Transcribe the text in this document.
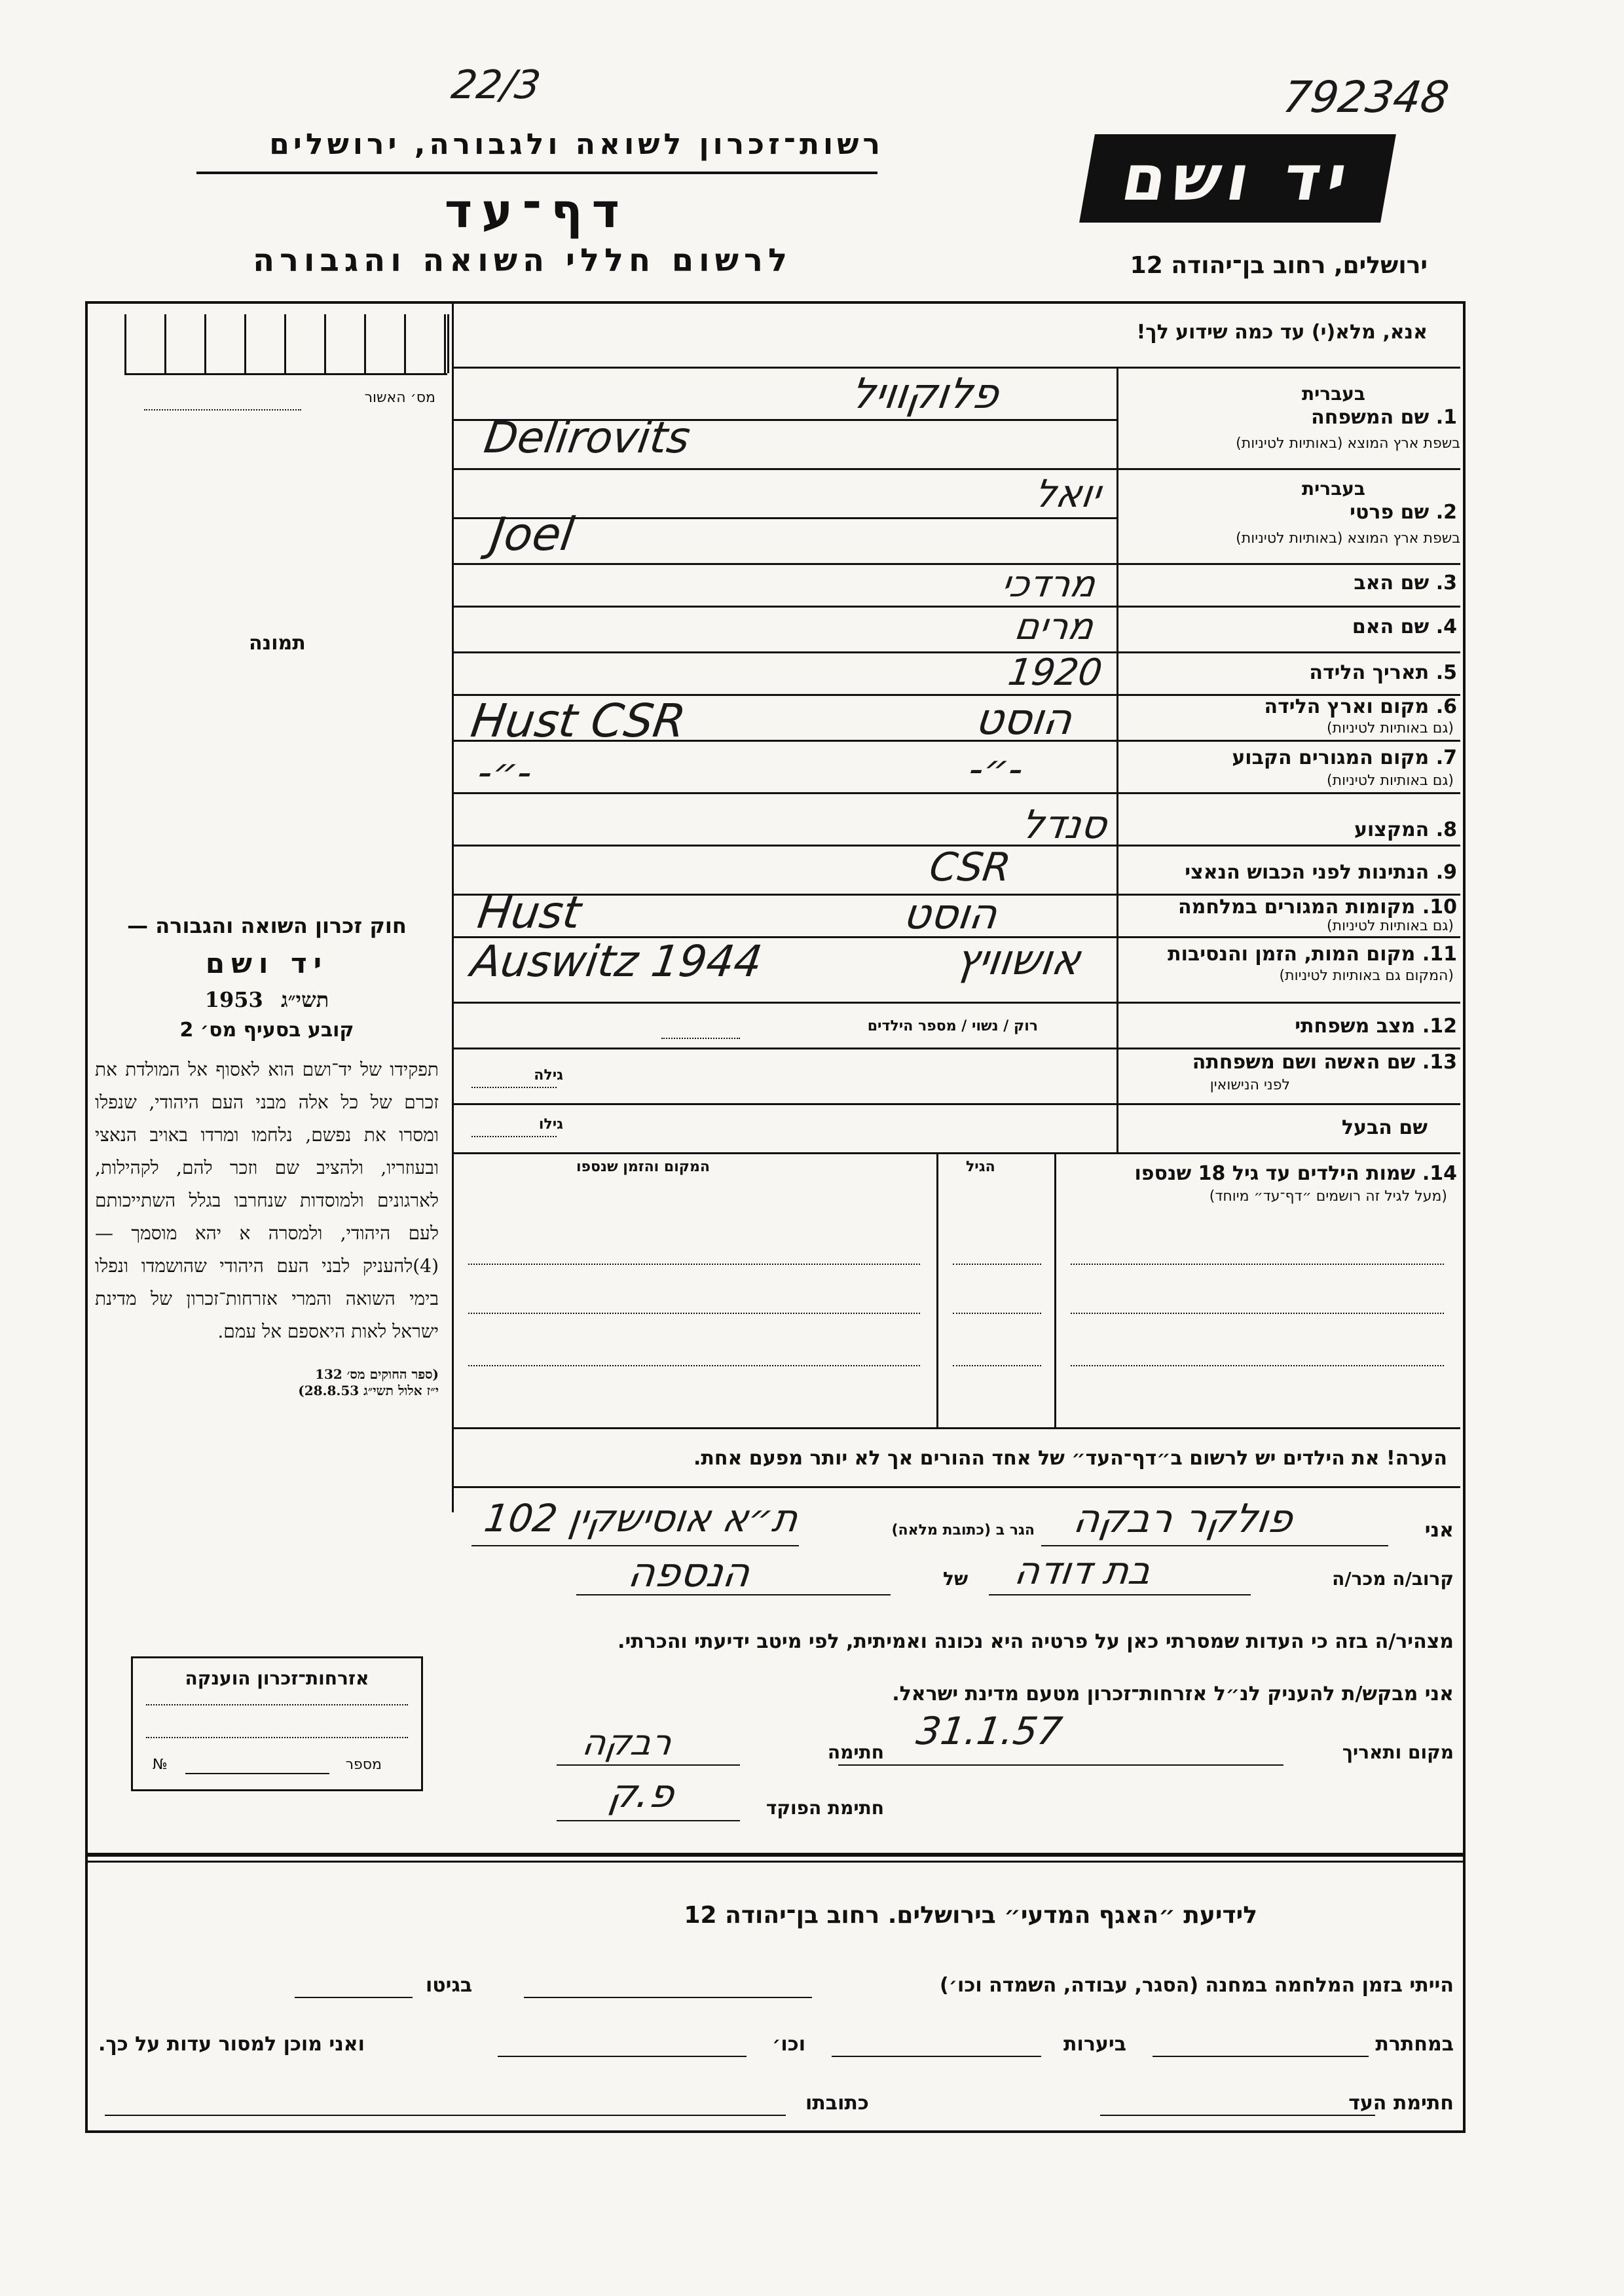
792348
22/3
רשות־זכרון לשואה ולגבורה, ירושלים
דף־עד
לרשום חללי השואה והגבורה
יד ושם
ירושלים, רחוב בן־יהודה 12
מס׳ האשור
תמונה
חוק זכרון השואה והגבורה —
יד ושם
תשי״ג 1953
קובע בסעיף מס׳ 2
תפקידו של יד־ושם הוא לאסוף אל המולדת את זכרם של כל אלה מבני העם היהודי, שנפלו ומסרו את נפשם, נלחמו ומרדו באויב הנאצי ובעוזריו, ולהציב שם וזכר להם, לקהילות, לארגונים ולמוסדות שנחרבו בגלל השתייכותם לעם היהודי, ולמסרה א יהא מוסמך — (4)להעניק לבני העם היהודי שהושמדו ונפלו בימי השואה והמרי אזרחות־זכרון של מדינת ישראל לאות היאספם אל עמם.
(ספר החוקים מס׳ 132
י״ז אלול תשי״ג 28.8.53)
אנא, מלא(י) עד כמה שידוע לך!
1. שם המשפחה
בשפת ארץ המוצא (באותיות לטיניות)
בעברית
פלוקוויל
Delirovits
2. שם פרטי
בשפת ארץ המוצא (באותיות לטיניות)
בעברית
יואל
Joel
3. שם האב
מרדכי
4. שם האם
מרים
5. תאריך הלידה
1920
6. מקום וארץ הלידה
(גם באותיות לטיניות)
הוסט
Hust CSR
7. מקום המגורים הקבוע
(גם באותיות לטיניות)
-״-
-״-
8. המקצוע
סנדל
9. הנתינות לפני הכבוש הנאצי
CSR
10. מקומות המגורים במלחמה
(גם באותיות לטיניות)
הוסט
Hust
11. מקום המות, הזמן והנסיבות
(המקום גם באותיות לטיניות)
אושוויץ
Auswitz 1944
12. מצב משפחתי
רוק / נשוי / מספר הילדים
13. שם האשה ושם משפחתה
לפני הנישואין
גילה
שם הבעל
גילו
14. שמות הילדים עד גיל 18 שנספו
(מעל לגיל זה רושמים ״דף־עד״ מיוחד)
הגיל
המקום והזמן שנספו
הערה! את הילדים יש לרשום ב״דף־העד״ של אחד ההורים אך לא יותר מפעם אחת.
אני
פולקר רבקה
הגר ב (כתובת מלאה)
ת״א אוסישקין 102
קרוב/ה מכר/ה
בת דודה
של
הנספה
מצהיר/ה בזה כי העדות שמסרתי כאן על פרטיה היא נכונה ואמיתית, לפי מיטב ידיעתי והכרתי.
אני מבקש/ת להעניק לנ״ל אזרחות־זכרון מטעם מדינת ישראל.
מקום ותאריך
31.1.57
חתימה
רבקה
חתימת הפוקד
פ.ק
אזרחות־זכרון הוענקה
מספר
№
לידיעת ״האגף המדעי״ בירושלים. רחוב בן־יהודה 12
הייתי בזמן המלחמה במחנה (הסגר, עבודה, השמדה וכו׳)
בגיטו
במחתרת
ביערות
וכו׳
ואני מוכן למסור עדות על כך.
חתימת העד
כתובתו
